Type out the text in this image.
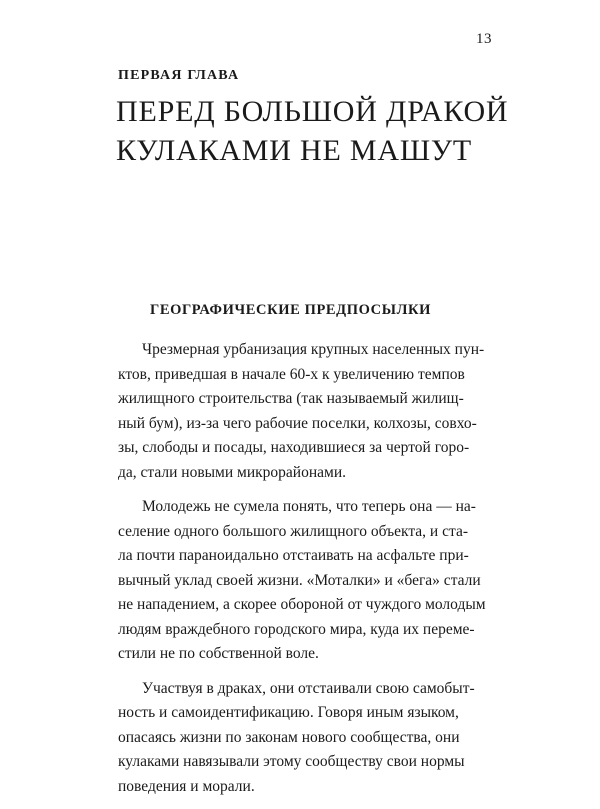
13
ПЕРВАЯ ГЛАВА
ПЕРЕД БОЛЬШОЙ ДРАКОЙ
КУЛАКАМИ НЕ МАШУТ
ГЕОГРАФИЧЕСКИЕ ПРЕДПОСЫЛКИ

Чрезмерная урбанизация крупных населенных пун-
ктов, приведшая в начале 60-х к увеличению темпов
жилищного строительства (так называемый жилищ-
ный бум), из-за чего рабочие поселки, колхозы, совхо-
зы, слободы и посады, находившиеся за чертой горо-
да, стали новыми микрорайонами.

Молодежь не сумела понять, что теперь она — на-
селение одного большого жилищного объекта, и ста-
ла почти параноидально отстаивать на асфальте при-
вычный уклад своей жизни. «Моталки» и «бега» стали
не нападением, а скорее обороной от чуждого молодым
людям враждебного городского мира, куда их переме-
стили не по собственной воле.

Участвуя в драках, они отстаивали свою самобыт-
ность и самоидентификацию. Говоря иным языком,
опасаясь жизни по законам нового сообщества, они
кулаками навязывали этому сообществу свои нормы
поведения и морали.
